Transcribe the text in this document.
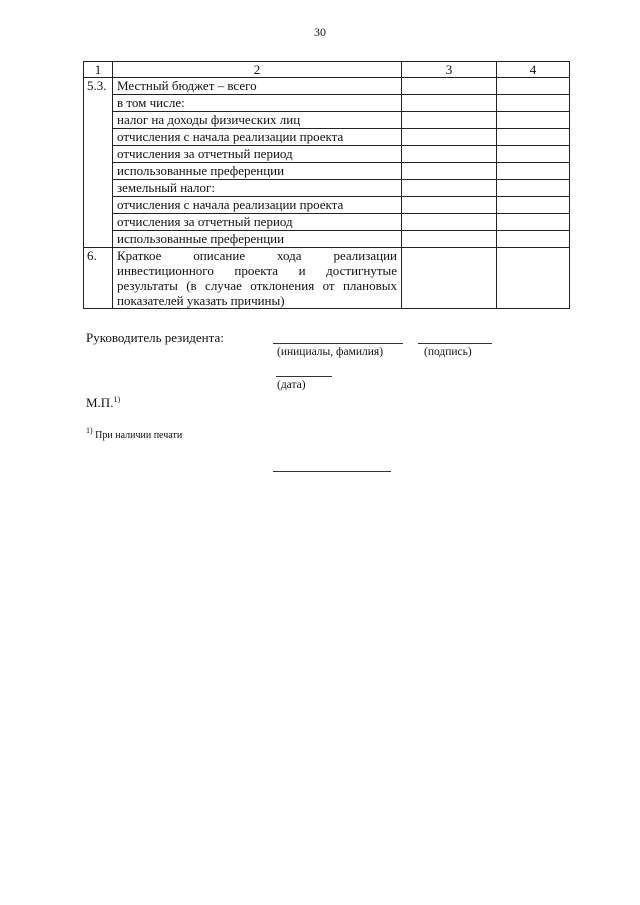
30
1	2	3	4
5.3.	Местный бюджет – всего		
	в том числе:		
	налог на доходы физических лиц		
	отчисления с начала реализации проекта		
	отчисления за отчетный период		
	использованные преференции		
	земельный налог:		
	отчисления с начала реализации проекта		
	отчисления за отчетный период		
	использованные преференции		
6.	Краткое описание хода реализации
инвестиционного проекта и достигнутые
результаты (в случае отклонения от плановых
показателей указать причины)		

Руководитель резидента:
(инициалы, фамилия)	(подпись)
(дата)
М.П.$^{1)}$
$^{1)}$ При наличии печати
